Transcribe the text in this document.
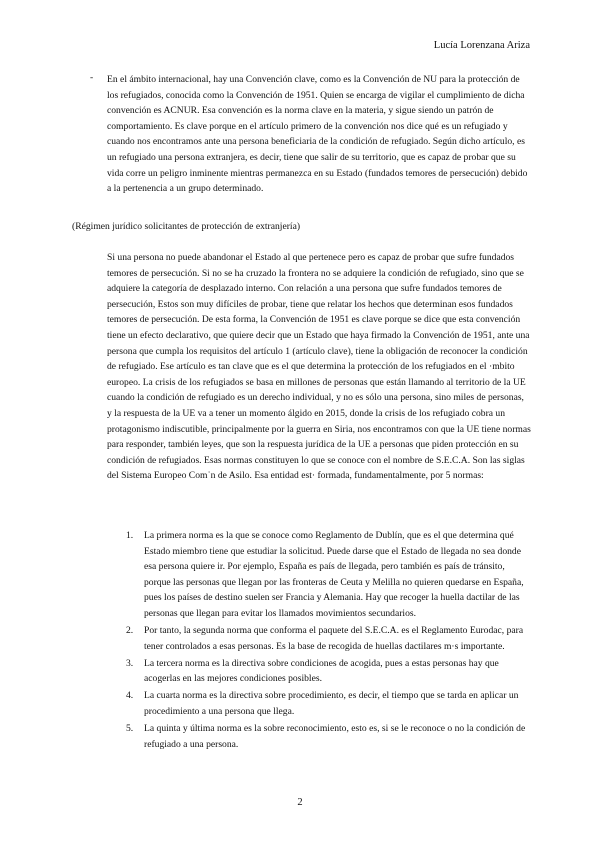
Lucía Lorenzana Ariza
- En el ámbito internacional, hay una Convención clave, como es la Convención de NU para la protección de los refugiados, conocida como la Convención de 1951. Quien se encarga de vigilar el cumplimiento de dicha convención es ACNUR. Esa convención es la norma clave en la materia, y sigue siendo un patrón de comportamiento. Es clave porque en el artículo primero de la convención nos dice qué es un refugiado y cuando nos encontramos ante una persona beneficiaria de la condición de refugiado. Según dicho artículo, es un refugiado una persona extranjera, es decir, tiene que salir de su territorio, que es capaz de probar que su vida corre un peligro inminente mientras permanezca en su Estado (fundados temores de persecución) debido a la pertenencia a un grupo determinado.

(Régimen jurídico solicitantes de protección de extranjería)

Si una persona no puede abandonar el Estado al que pertenece pero es capaz de probar que sufre fundados temores de persecución. Si no se ha cruzado la frontera no se adquiere la condición de refugiado, sino que se adquiere la categoría de desplazado interno. Con relación a una persona que sufre fundados temores de persecución, Estos son muy difíciles de probar, tiene que relatar los hechos que determinan esos fundados temores de persecución. De esta forma, la Convención de 1951 es clave porque se dice que esta convención tiene un efecto declarativo, que quiere decir que un Estado que haya firmado la Convención de 1951, ante una persona que cumpla los requisitos del artículo 1 (artículo clave), tiene la obligación de reconocer la condición de refugiado. Ese artículo es tan clave que es el que determina la protección de los refugiados en el ·mbito europeo. La crisis de los refugiados se basa en millones de personas que están llamando al territorio de la UE cuando la condición de refugiado es un derecho individual, y no es sólo una persona, sino miles de personas, y la respuesta de la UE va a tener un momento álgido en 2015, donde la crisis de los refugiado cobra un protagonismo indiscutible, principalmente por la guerra en Siria, nos encontramos con que la UE tiene normas para responder, también leyes, que son la respuesta jurídica de la UE a personas que piden protección en su condición de refugiados. Esas normas constituyen lo que se conoce con el nombre de S.E.C.A. Son las siglas del Sistema Europeo Com˙n de Asilo. Esa entidad est· formada, fundamentalmente, por 5 normas:

1. La primera norma es la que se conoce como Reglamento de Dublín, que es el que determina qué Estado miembro tiene que estudiar la solicitud. Puede darse que el Estado de llegada no sea donde esa persona quiere ir. Por ejemplo, España es país de llegada, pero también es país de tránsito, porque las personas que llegan por las fronteras de Ceuta y Melilla no quieren quedarse en España, pues los países de destino suelen ser Francia y Alemania. Hay que recoger la huella dactilar de las personas que llegan para evitar los llamados movimientos secundarios.
2. Por tanto, la segunda norma que conforma el paquete del S.E.C.A. es el Reglamento Eurodac, para tener controlados a esas personas. Es la base de recogida de huellas dactilares m·s importante.
3. La tercera norma es la directiva sobre condiciones de acogida, pues a estas personas hay que acogerlas en las mejores condiciones posibles.
4. La cuarta norma es la directiva sobre procedimiento, es decir, el tiempo que se tarda en aplicar un procedimiento a una persona que llega.
5. La quinta y última norma es la sobre reconocimiento, esto es, si se le reconoce o no la condición de refugiado a una persona.
2
